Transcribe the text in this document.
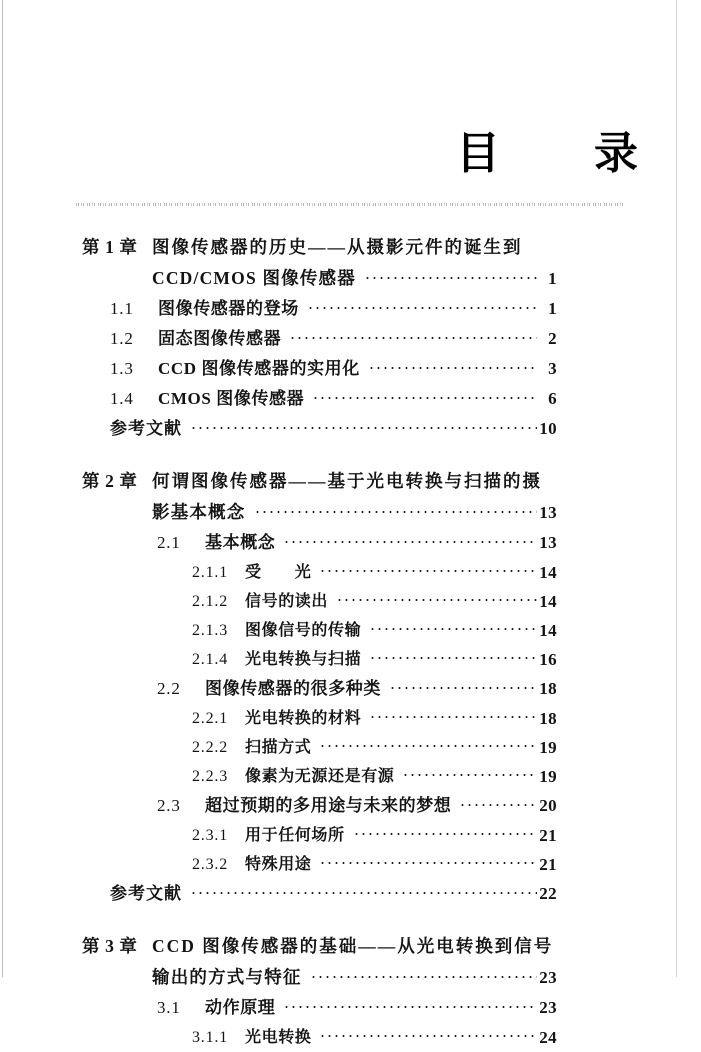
目　　录
第 1 章 图像传感器的历史——从摄影元件的诞生到
CCD/CMOS 图像传感器	1
1.1	图像传感器的登场	1
1.2	固态图像传感器	2
1.3	CCD 图像传感器的实用化	3
1.4	CMOS 图像传感器	6
参考文献	10
第 2 章 何谓图像传感器——基于光电转换与扫描的摄
影基本概念	13
2.1	基本概念	13
2.1.1	受　　光	14
2.1.2	信号的读出	14
2.1.3	图像信号的传输	14
2.1.4	光电转换与扫描	16
2.2	图像传感器的很多种类	18
2.2.1	光电转换的材料	18
2.2.2	扫描方式	19
2.2.3	像素为无源还是有源	19
2.3	超过预期的多用途与未来的梦想	20
2.3.1	用于任何场所	21
2.3.2	特殊用途	21
参考文献	22
第 3 章 CCD 图像传感器的基础——从光电转换到信号
输出的方式与特征	23
3.1	动作原理	23
3.1.1	光电转换	24
